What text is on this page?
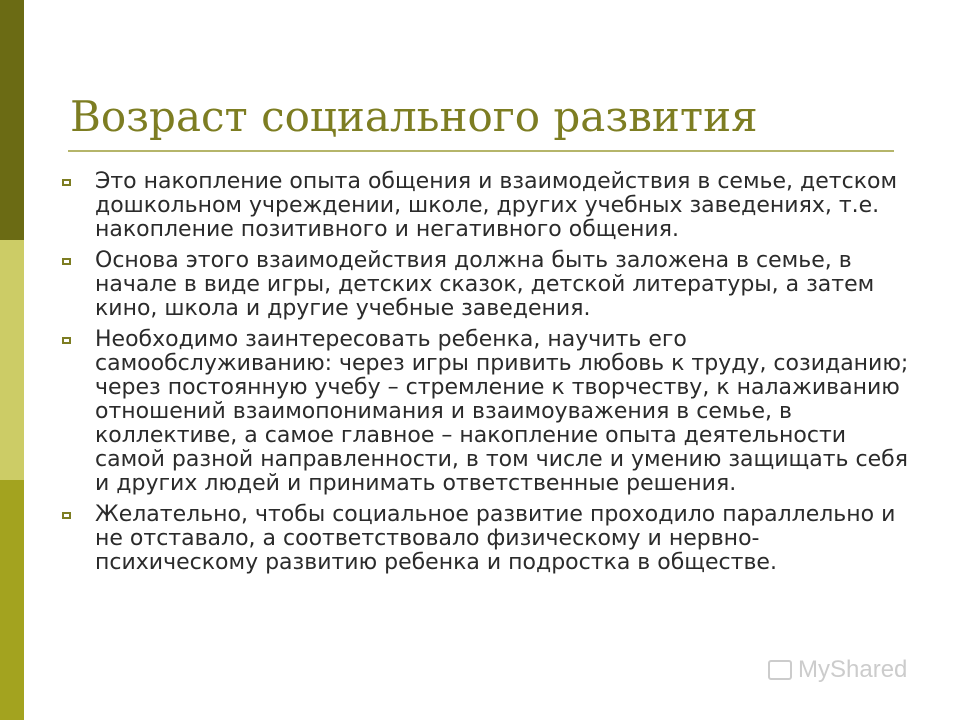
Возраст социального развития

Это накопление опыта общения и взаимодействия в семье, детском дошкольном учреждении, школе, других учебных заведениях, т.е. накопление позитивного и негативного общения.

Основа этого взаимодействия должна быть заложена в семье, в начале в виде игры, детских сказок, детской литературы, а затем кино, школа и другие учебные заведения.

Необходимо заинтересовать ребенка, научить его самообслуживанию: через игры привить любовь к труду, созиданию; через постоянную учебу – стремление к творчеству, к налаживанию отношений взаимопонимания и взаимоуважения в семье, в коллективе, а самое главное – накопление опыта деятельности самой разной направленности, в том числе и умению защищать себя и других людей и принимать ответственные решения.

Желательно, чтобы социальное развитие проходило параллельно и не отставало, а соответствовало физическому и нервно-психическому развитию ребенка и подростка в обществе.

MyShared
